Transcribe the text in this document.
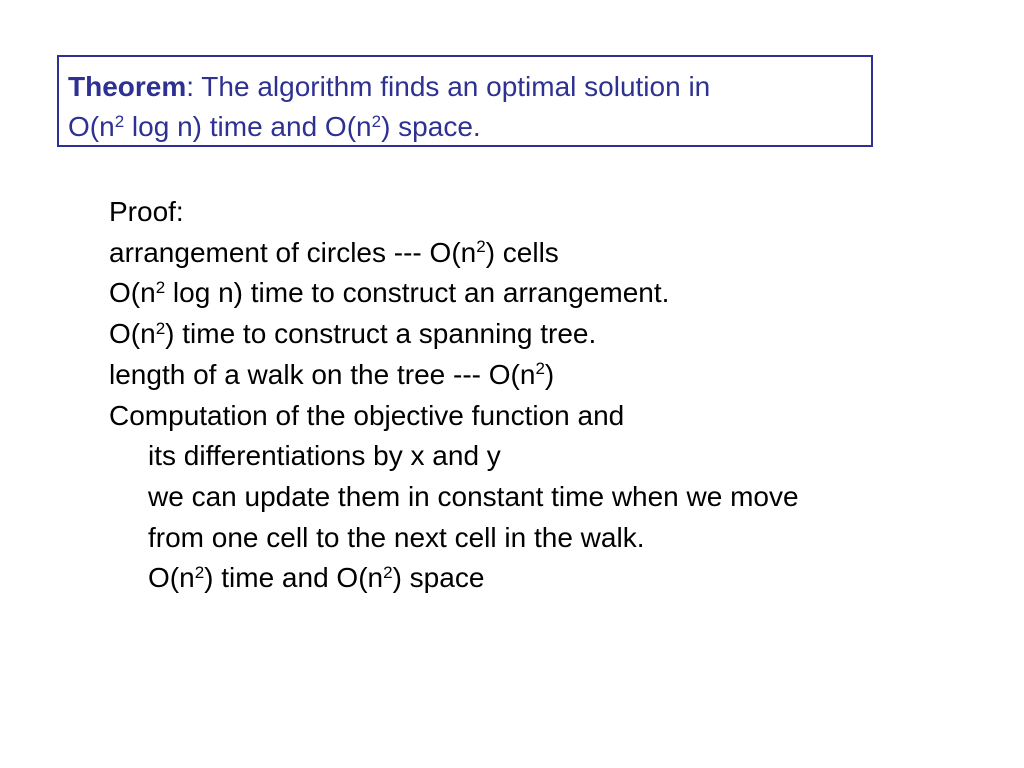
Theorem: The algorithm finds an optimal solution in
$O(n^2$ log n) time and $O(n^2)$ space.
Proof:
arrangement of circles --- $O(n^2)$ cells
$O(n^2$ log n) time to construct an arrangement.
$O(n^2)$ time to construct a spanning tree.
length of a walk on the tree --- $O(n^2)$
Computation of the objective function and
its differentiations by x and y
we can update them in constant time when we move
from one cell to the next cell in the walk.
$O(n^2)$ time and $O(n^2)$ space
